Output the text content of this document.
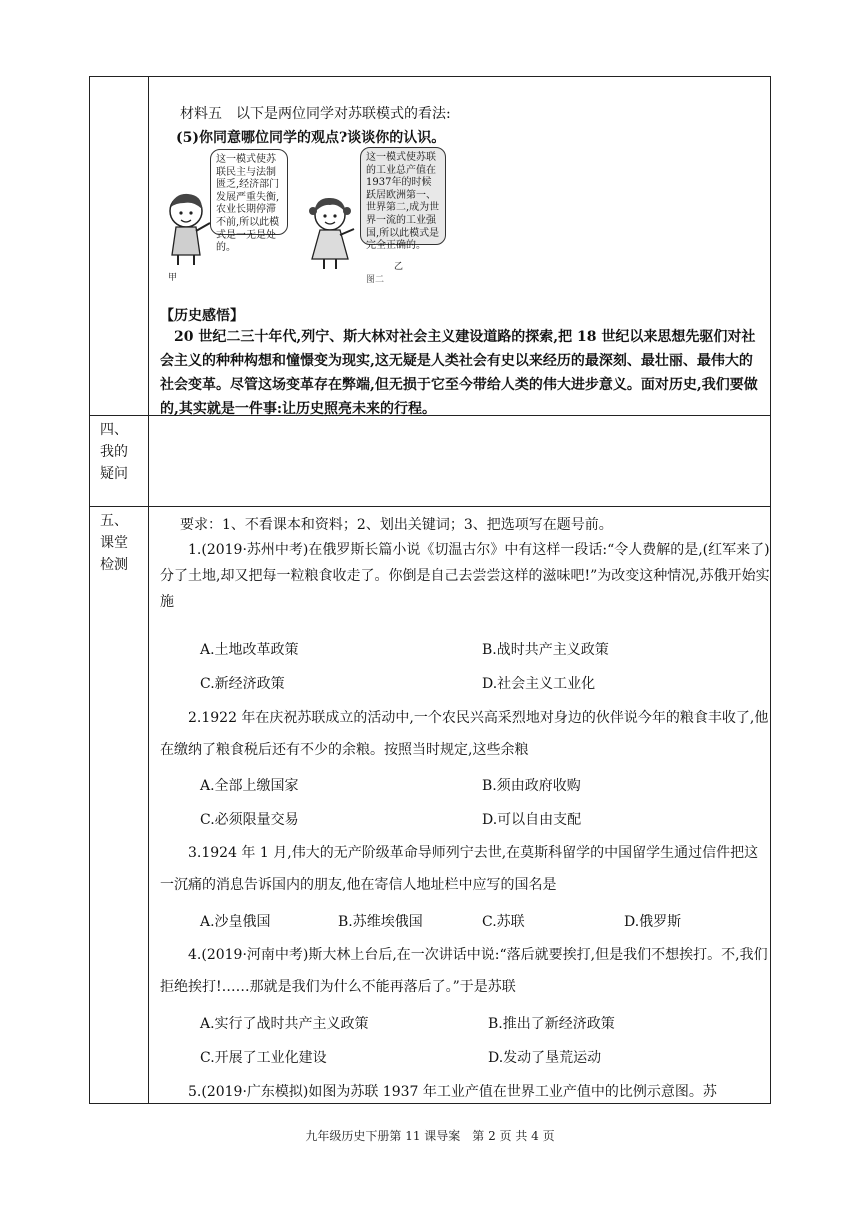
材料五　以下是两位同学对苏联模式的看法:
(5)你同意哪位同学的观点?谈谈你的认识。
这一模式使苏联民主与法制匮乏,经济部门发展严重失衡,农业长期停滞不前,所以此模式是一无是处的。
甲
这一模式使苏联的工业总产值在1937年的时候跃居欧洲第一、世界第二,成为世界一流的工业强国,所以此模式是完全正确的。
乙
图二
【历史感悟】
20 世纪二三十年代,列宁、斯大林对社会主义建设道路的探索,把 18 世纪以来思想先驱们对社会主义的种种构想和憧憬变为现实,这无疑是人类社会有史以来经历的最深刻、最壮丽、最伟大的社会变革。尽管这场变革存在弊端,但无损于它至今带给人类的伟大进步意义。面对历史,我们要做的,其实就是一件事:让历史照亮未来的行程。
四、
我的
疑问
五、
课堂
检测
要求：1、不看课本和资料；2、划出关键词；3、把选项写在题号前。
1.(2019·苏州中考)在俄罗斯长篇小说《切温古尔》中有这样一段话:“令人费解的是,(红军来了)分了土地,却又把每一粒粮食收走了。你倒是自己去尝尝这样的滋味吧!”为改变这种情况,苏俄开始实施
A.土地改革政策	B.战时共产主义政策
C.新经济政策	D.社会主义工业化
2.1922 年在庆祝苏联成立的活动中,一个农民兴高采烈地对身边的伙伴说今年的粮食丰收了,他在缴纳了粮食税后还有不少的余粮。按照当时规定,这些余粮
A.全部上缴国家	B.须由政府收购
C.必须限量交易	D.可以自由支配
3.1924 年 1 月,伟大的无产阶级革命导师列宁去世,在莫斯科留学的中国留学生通过信件把这一沉痛的消息告诉国内的朋友,他在寄信人地址栏中应写的国名是
A.沙皇俄国	B.苏维埃俄国	C.苏联	D.俄罗斯
4.(2019·河南中考)斯大林上台后,在一次讲话中说:“落后就要挨打,但是我们不想挨打。不,我们拒绝挨打!……那就是我们为什么不能再落后了。”于是苏联
A.实行了战时共产主义政策	B.推出了新经济政策
C.开展了工业化建设	D.发动了垦荒运动
5.(2019·广东模拟)如图为苏联 1937 年工业产值在世界工业产值中的比例示意图。苏
九年级历史下册第 11 课导案　第 2 页 共 4 页
